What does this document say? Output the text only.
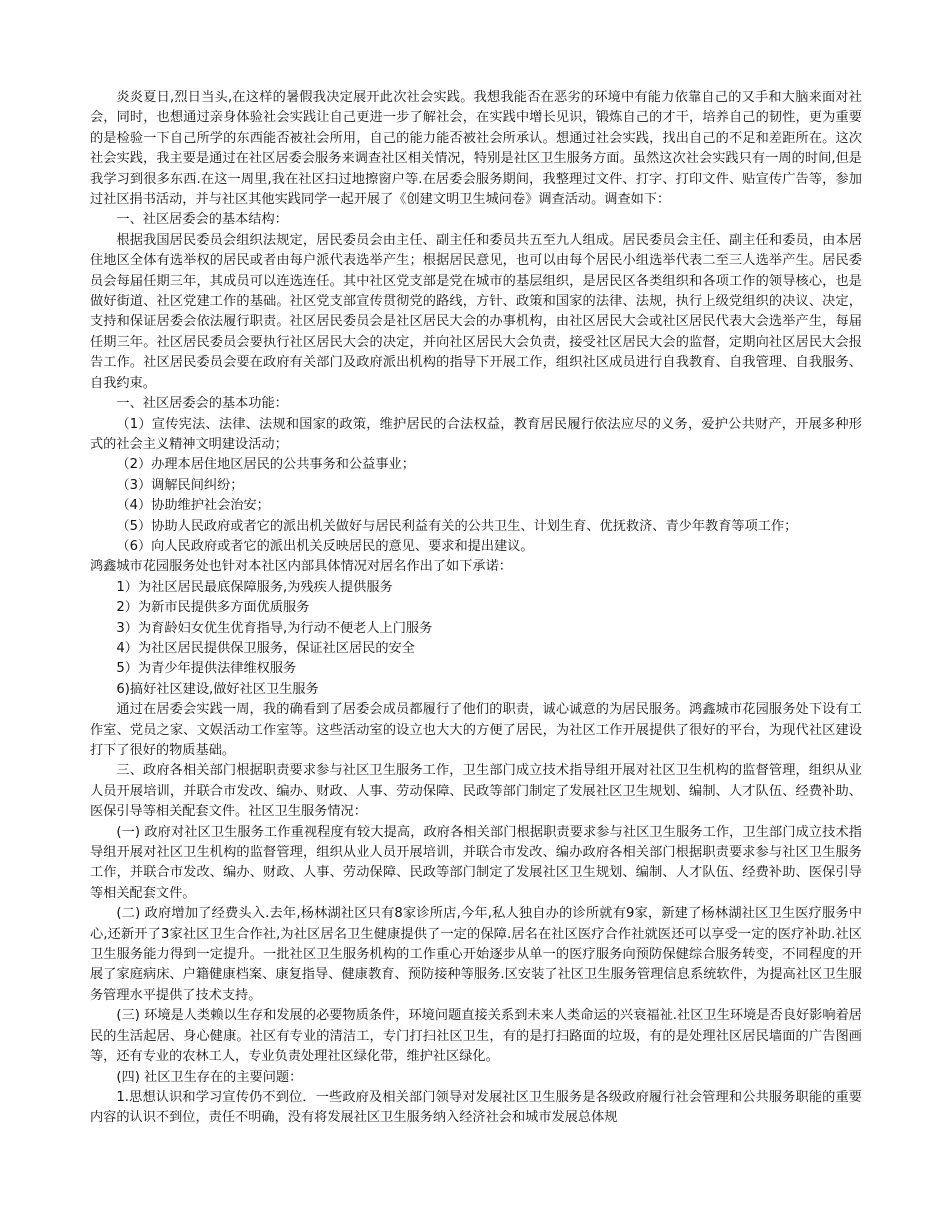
炎炎夏日,烈日当头,在这样的暑假我决定展开此次社会实践。我想我能否在恶劣的环境中有能力依靠自己的又手和大脑来面对社会，同时，也想通过亲身体验社会实践让自己更进一步了解社会，在实践中增长见识，锻炼自己的才干，培养自己的韧性，更为重要的是检验一下自己所学的东西能否被社会所用，自己的能力能否被社会所承认。想通过社会实践，找出自己的不足和差距所在。这次社会实践，我主要是通过在社区居委会服务来调查社区相关情况，特别是社区卫生服务方面。虽然这次社会实践只有一周的时间,但是我学习到很多东西.在这一周里,我在社区扫过地擦窗户等.在居委会服务期间，我整理过文件、打字、打印文件、贴宣传广告等，参加过社区捐书活动，并与社区其他实践同学一起开展了《创建文明卫生城问卷》调查活动。调查如下：

一、社区居委会的基本结构：

根据我国居民委员会组织法规定，居民委员会由主任、副主任和委员共五至九人组成。居民委员会主任、副主任和委员，由本居住地区全体有选举权的居民或者由每户派代表选举产生；根据居民意见，也可以由每个居民小组选举代表二至三人选举产生。居民委员会每届任期三年，其成员可以连选连任。其中社区党支部是党在城市的基层组织，是居民区各类组织和各项工作的领导核心，也是做好街道、社区党建工作的基础。社区党支部宣传贯彻党的路线，方针、政策和国家的法律、法规，执行上级党组织的决议、决定，支持和保证居委会依法履行职责。社区居民委员会是社区居民大会的办事机构，由社区居民大会或社区居民代表大会选举产生，每届任期三年。社区居民委员会要执行社区居民大会的决定，并向社区居民大会负责，接受社区居民大会的监督，定期向社区居民大会报告工作。社区居民委员会要在政府有关部门及政府派出机构的指导下开展工作，组织社区成员进行自我教育、自我管理、自我服务、自我约束。

一、社区居委会的基本功能：

（1）宣传宪法、法律、法规和国家的政策，维护居民的合法权益，教育居民履行依法应尽的义务，爱护公共财产，开展多种形式的社会主义精神文明建设活动；

（2）办理本居住地区居民的公共事务和公益事业；

（3）调解民间纠纷；

（4）协助维护社会治安；

（5）协助人民政府或者它的派出机关做好与居民利益有关的公共卫生、计划生育、优抚救济、青少年教育等项工作；

（6）向人民政府或者它的派出机关反映居民的意见、要求和提出建议。

鸿鑫城市花园服务处也针对本社区内部具体情况对居名作出了如下承诺：

1）为社区居民最底保障服务,为残疾人提供服务

2）为新市民提供多方面优质服务

3）为育龄妇女优生优育指导,为行动不便老人上门服务

4）为社区居民提供保卫服务，保证社区居民的安全

5）为青少年提供法律维权服务

6)搞好社区建设,做好社区卫生服务

通过在居委会实践一周，我的确看到了居委会成员都履行了他们的职责，诚心诚意的为居民服务。鸿鑫城市花园服务处下设有工作室、党员之家、文娱活动工作室等。这些活动室的设立也大大的方便了居民，为社区工作开展提供了很好的平台，为现代社区建设打下了很好的物质基础。

三、政府各相关部门根据职责要求参与社区卫生服务工作，卫生部门成立技术指导组开展对社区卫生机构的监督管理，组织从业人员开展培训，并联合市发改、编办、财政、人事、劳动保障、民政等部门制定了发展社区卫生规划、编制、人才队伍、经费补助、医保引导等相关配套文件。社区卫生服务情况：

(一) 政府对社区卫生服务工作重视程度有较大提高，政府各相关部门根据职责要求参与社区卫生服务工作，卫生部门成立技术指导组开展对社区卫生机构的监督管理，组织从业人员开展培训，并联合市发改、编办政府各相关部门根据职责要求参与社区卫生服务工作，并联合市发改、编办、财政、人事、劳动保障、民政等部门制定了发展社区卫生规划、编制、人才队伍、经费补助、医保引导等相关配套文件。

(二) 政府增加了经费头入.去年,杨林湖社区只有8家诊所店,今年,私人独自办的诊所就有9家，新建了杨林湖社区卫生医疗服务中心,还新开了3家社区卫生合作社,为社区居名卫生健康提供了一定的保障.居名在社区医疗合作社就医还可以享受一定的医疗补助.社区卫生服务能力得到一定提升。一批社区卫生服务机构的工作重心开始逐步从单一的医疗服务向预防保健综合服务转变，不同程度的开展了家庭病床、户籍健康档案、康复指导、健康教育、预防接种等服务.区安装了社区卫生服务管理信息系统软件，为提高社区卫生服务管理水平提供了技术支持。

(三) 环境是人类赖以生存和发展的必要物质条件，环境问题直接关系到未来人类命运的兴衰福祉.社区卫生环境是否良好影响着居民的生活起居、身心健康。社区有专业的清洁工，专门打扫社区卫生，有的是打扫路面的垃圾，有的是处理社区居民墙面的广告图画等，还有专业的农林工人，专业负责处理社区绿化带，维护社区绿化。

(四) 社区卫生存在的主要问题：

1.思想认识和学习宣传仍不到位．一些政府及相关部门领导对发展社区卫生服务是各级政府履行社会管理和公共服务职能的重要内容的认识不到位，责任不明确，没有将发展社区卫生服务纳入经济社会和城市发展总体规
